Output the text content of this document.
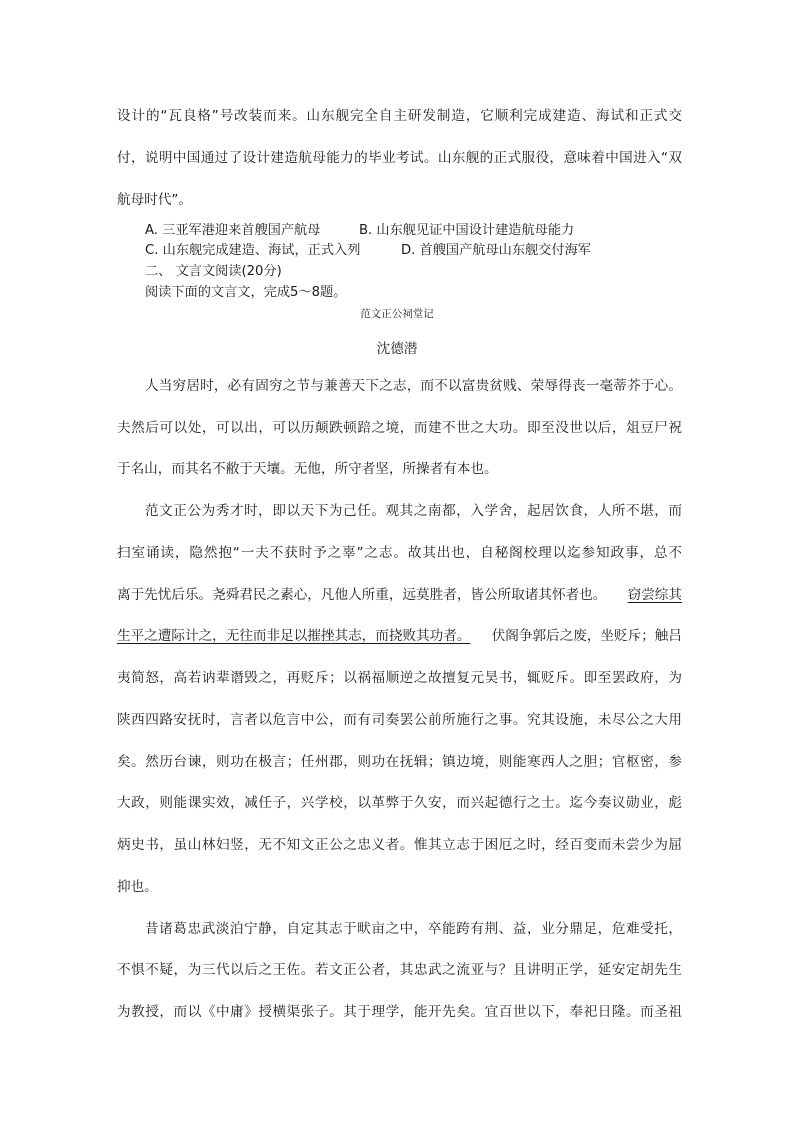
设计的“瓦良格”号改装而来。山东舰完全自主研发制造，它顺利完成建造、海试和正式交
付，说明中国通过了设计建造航母能力的毕业考试。山东舰的正式服役，意味着中国进入“双
航母时代”。
A. 三亚军港迎来首艘国产航母	B. 山东舰见证中国设计建造航母能力
C. 山东舰完成建造、海试，正式入列	D. 首艘国产航母山东舰交付海军
二、 文言文阅读(20分)
阅读下面的文言文，完成5～8题。
范文正公祠堂记
沈德潜
人当穷居时，必有固穷之节与兼善天下之志，而不以富贵贫贱、荣辱得丧一毫蒂芥于心。
夫然后可以处，可以出，可以历颠跌顿踣之境，而建不世之大功。即至没世以后，俎豆尸祝
于名山，而其名不敝于天壤。无他，所守者坚，所操者有本也。
范文正公为秀才时，即以天下为己任。观其之南都，入学舍，起居饮食，人所不堪，而
扫室诵读，隐然抱“一夫不获时予之辜”之志。故其出也，自秘阁校理以迄参知政事，总不
离于先忧后乐。尧舜君民之素心，凡他人所重，远莫胜者，皆公所取诸其怀者也。 窃尝综其
生平之遭际计之，无往而非足以摧挫其志，而挠败其功者。 伏阁争郭后之废，坐贬斥；触吕
夷简怒，高若讷辈谮毁之，再贬斥；以祸福顺逆之故擅复元昊书，辄贬斥。即至罢政府，为
陕西四路安抚时，言者以危言中公，而有司奏罢公前所施行之事。究其设施，未尽公之大用
矣。然历台谏，则功在极言；任州郡，则功在抚辑；镇边境，则能寒西人之胆；官枢密，参
大政，则能课实效，减任子，兴学校，以革弊于久安，而兴起德行之士。迄今奏议勋业，彪
炳史书，虽山林妇竖，无不知文正公之忠义者。惟其立志于困厄之时，经百变而未尝少为屈
抑也。
昔诸葛忠武淡泊宁静，自定其志于畎亩之中，卒能跨有荆、益，业分鼎足，危难受托，
不惧不疑，为三代以后之王佐。若文正公者，其忠武之流亚与？且讲明正学，延安定胡先生
为教授，而以《中庸》授横渠张子。其于理学，能开先矣。宜百世以下，奉祀日隆。而圣祖
